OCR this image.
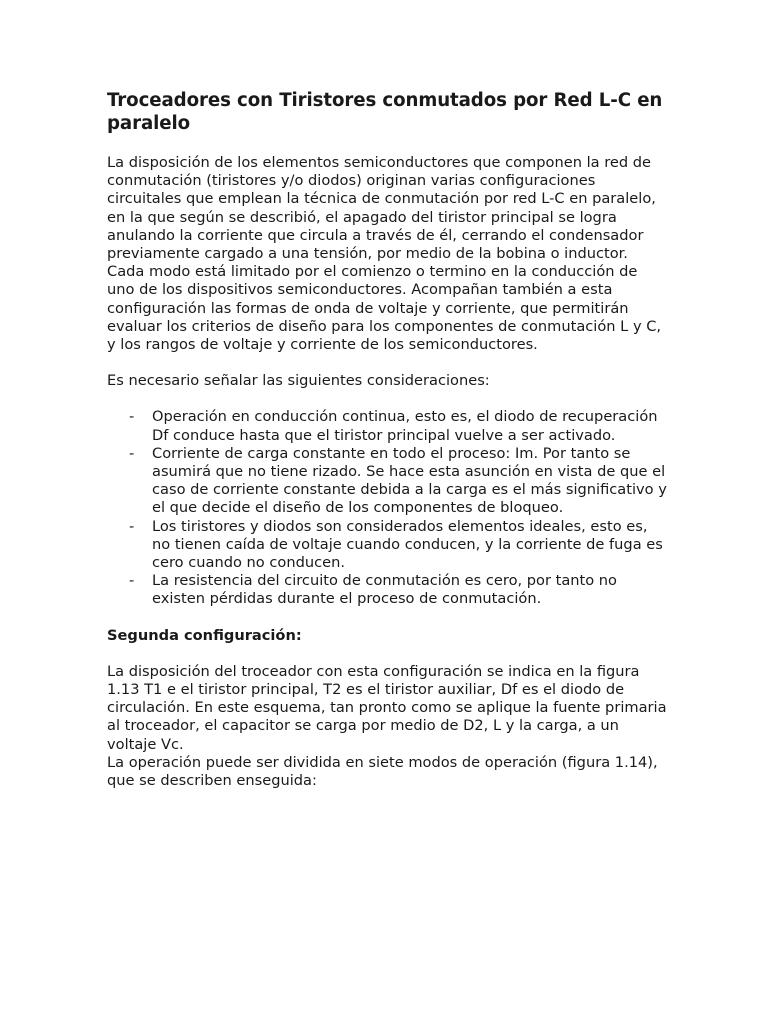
Troceadores con Tiristores conmutados por Red L-C en paralelo

La disposición de los elementos semiconductores que componen la red de conmutación (tiristores y/o diodos) originan varias configuraciones circuitales que emplean la técnica de conmutación por red L-C en paralelo, en la que según se describió, el apagado del tiristor principal se logra anulando la corriente que circula a través de él, cerrando el condensador previamente cargado a una tensión, por medio de la bobina o inductor.

Cada modo está limitado por el comienzo o termino en la conducción de uno de los dispositivos semiconductores. Acompañan también a esta configuración las formas de onda de voltaje y corriente, que permitirán evaluar los criterios de diseño para los componentes de conmutación L y C, y los rangos de voltaje y corriente de los semiconductores.

Es necesario señalar las siguientes consideraciones:

- Operación en conducción continua, esto es, el diodo de recuperación Df conduce hasta que el tiristor principal vuelve a ser activado.
- Corriente de carga constante en todo el proceso: Im. Por tanto se asumirá que no tiene rizado. Se hace esta asunción en vista de que el caso de corriente constante debida a la carga es el más significativo y el que decide el diseño de los componentes de bloqueo.
- Los tiristores y diodos son considerados elementos ideales, esto es, no tienen caída de voltaje cuando conducen, y la corriente de fuga es cero cuando no conducen.
- La resistencia del circuito de conmutación es cero, por tanto no existen pérdidas durante el proceso de conmutación.

Segunda configuración:

La disposición del troceador con esta configuración se indica en la figura 1.13 T1 e el tiristor principal, T2 es el tiristor auxiliar, Df es el diodo de circulación. En este esquema, tan pronto como se aplique la fuente primaria al troceador, el capacitor se carga por medio de D2, L y la carga, a un voltaje Vc.

La operación puede ser dividida en siete modos de operación (figura 1.14), que se describen enseguida:
